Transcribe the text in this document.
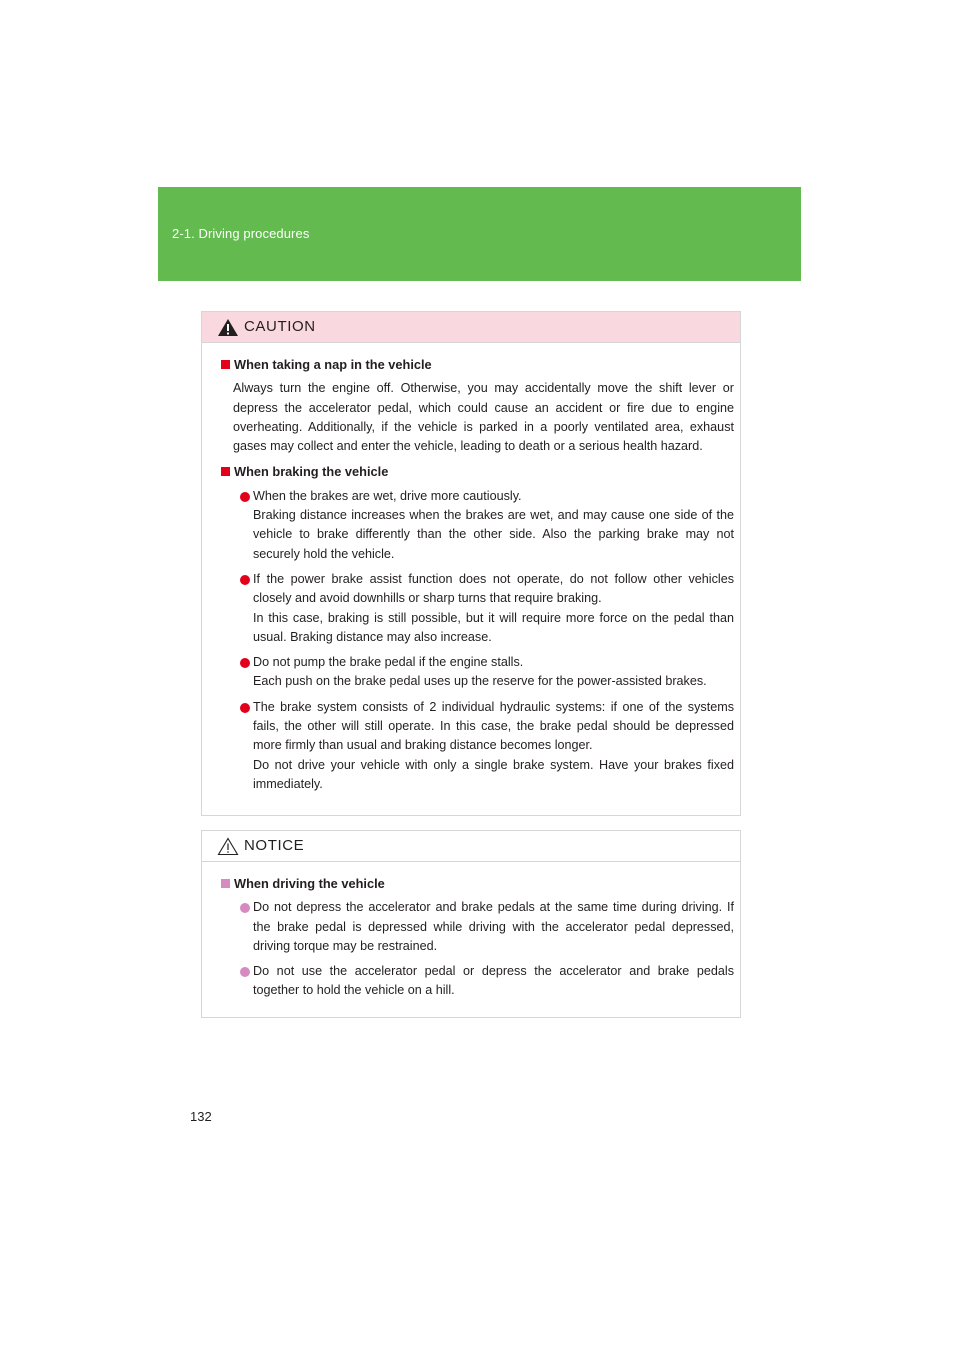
2-1. Driving procedures
CAUTION
When taking a nap in the vehicle
Always turn the engine off. Otherwise, you may accidentally move the shift lever or depress the accelerator pedal, which could cause an accident or fire due to engine overheating. Additionally, if the vehicle is parked in a poorly ventilated area, exhaust gases may collect and enter the vehicle, leading to death or a serious health hazard.
When braking the vehicle

When the brakes are wet, drive more cautiously.

Braking distance increases when the brakes are wet, and may cause one side of the vehicle to brake differently than the other side. Also the parking brake may not securely hold the vehicle.

If the power brake assist function does not operate, do not follow other vehicles closely and avoid downhills or sharp turns that require braking.

In this case, braking is still possible, but it will require more force on the pedal than usual. Braking distance may also increase.

Do not pump the brake pedal if the engine stalls.

Each push on the brake pedal uses up the reserve for the power-assisted brakes.

The brake system consists of 2 individual hydraulic systems: if one of the systems fails, the other will still operate. In this case, the brake pedal should be depressed more firmly than usual and braking distance becomes longer.

Do not drive your vehicle with only a single brake system. Have your brakes fixed immediately.

NOTICE
When driving the vehicle

Do not depress the accelerator and brake pedals at the same time during driving. If the brake pedal is depressed while driving with the accelerator pedal depressed, driving torque may be restrained.

Do not use the accelerator pedal or depress the accelerator and brake pedals together to hold the vehicle on a hill.

132
